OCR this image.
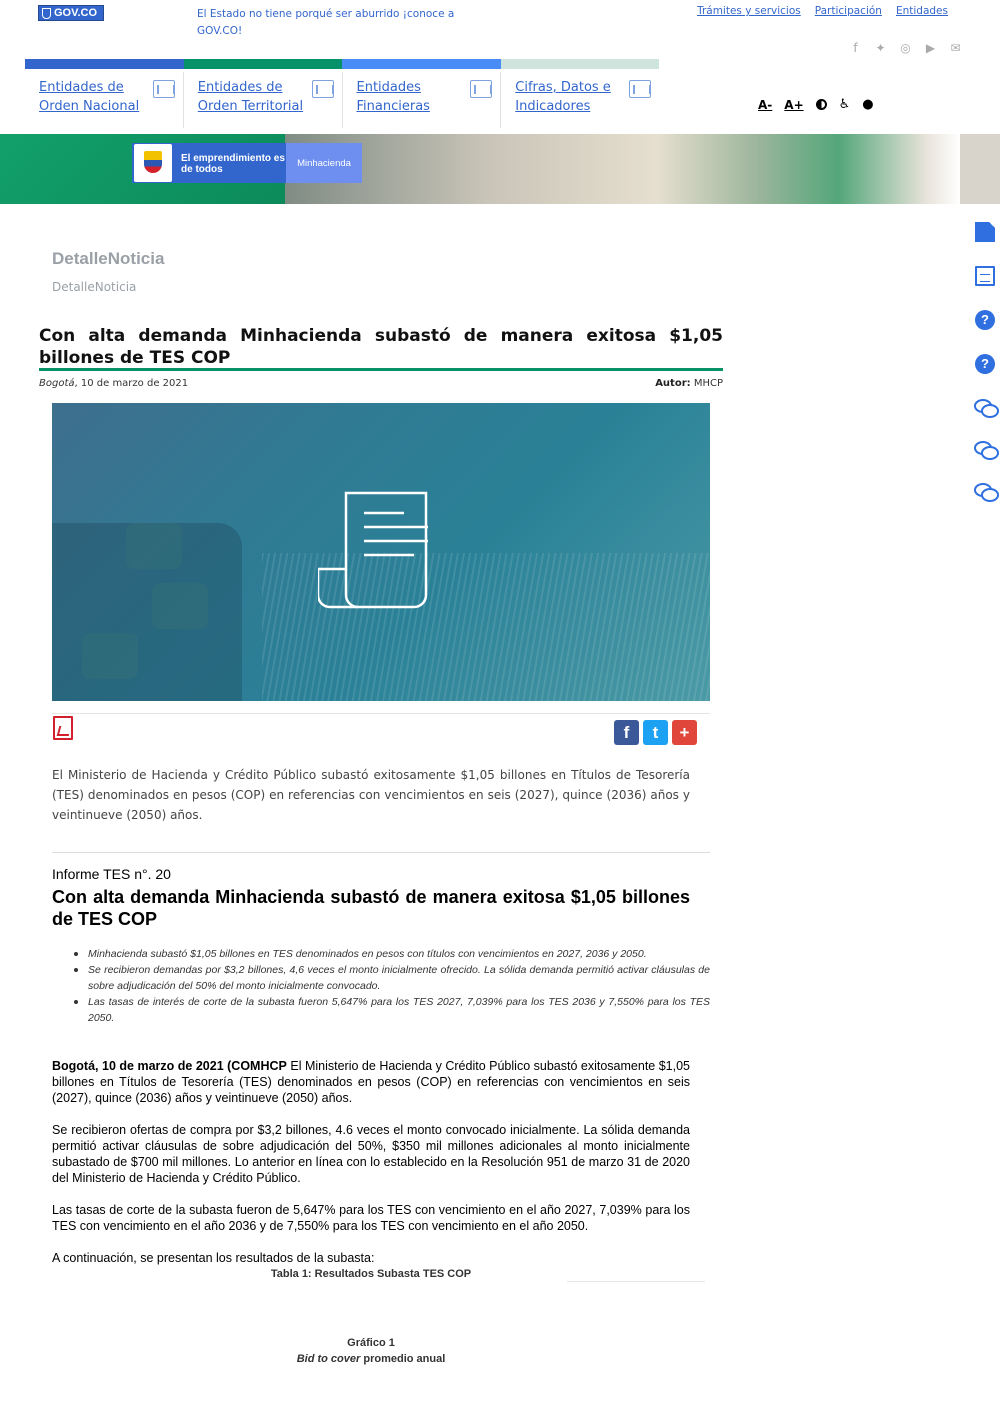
GOV.CO	El Estado no tiene porqué ser aburrido ¡conoce a GOV.CO!
Trámites y servicios Participación Entidades
f	✦ ◎ ▶ ✉
Entidades de Orden Nacional
Entidades de Orden Territorial
Entidades Financieras
Cifras, Datos e Indicadores	A- A+	♿ ●
El emprendimiento es de todos
Minhacienda
?
?
DetalleNoticia
DetalleNoticia
Con alta demanda Minhacienda subastó de manera exitosa $1,05 billones de TES COP
Bogotá, 10 de marzo de 2021	Autor: MHCP
f	t	+

El Ministerio de Hacienda y Crédito Público subastó exitosamente $1,05 billones en Títulos de Tesorería (TES) denominados en pesos (COP) en referencias con vencimientos en seis (2027), quince (2036) años y veintinueve (2050) años.

Informe TES n°. 20
Con alta demanda Minhacienda subastó de manera exitosa $1,05 billones de TES COP
Minhacienda subastó $1,05 billones en TES denominados en pesos con títulos con vencimientos en 2027, 2036 y 2050.
Se recibieron demandas por $3,2 billones, 4,6 veces el monto inicialmente ofrecido. La sólida demanda permitió activar cláusulas de sobre adjudicación del 50% del monto inicialmente convocado.
Las tasas de interés de corte de la subasta fueron 5,647% para los TES 2027, 7,039% para los TES 2036 y 7,550% para los TES 2050.

Bogotá, 10 de marzo de 2021 (COMHCP El Ministerio de Hacienda y Crédito Público subastó exitosamente $1,05 billones en Títulos de Tesorería (TES) denominados en pesos (COP) en referencias con vencimientos en seis (2027), quince (2036) años y veintinueve (2050) años.

Se recibieron ofertas de compra por $3,2 billones, 4.6 veces el monto convocado inicialmente. La sólida demanda permitió activar cláusulas de sobre adjudicación del 50%, $350 mil millones adicionales al monto inicialmente subastado de $700 mil millones. Lo anterior en línea con lo establecido en la Resolución 951 de marzo 31 de 2020 del Ministerio de Hacienda y Crédito Público.

Las tasas de corte de la subasta fueron de 5,647% para los TES con vencimiento en el año 2027, 7,039% para los TES con vencimiento en el año 2036 y de 7,550% para los TES con vencimiento en el año 2050.

A continuación, se presentan los resultados de la subasta:

Tabla 1: Resultados Subasta TES COP
Gráfico 1
Bid to cover promedio anual
